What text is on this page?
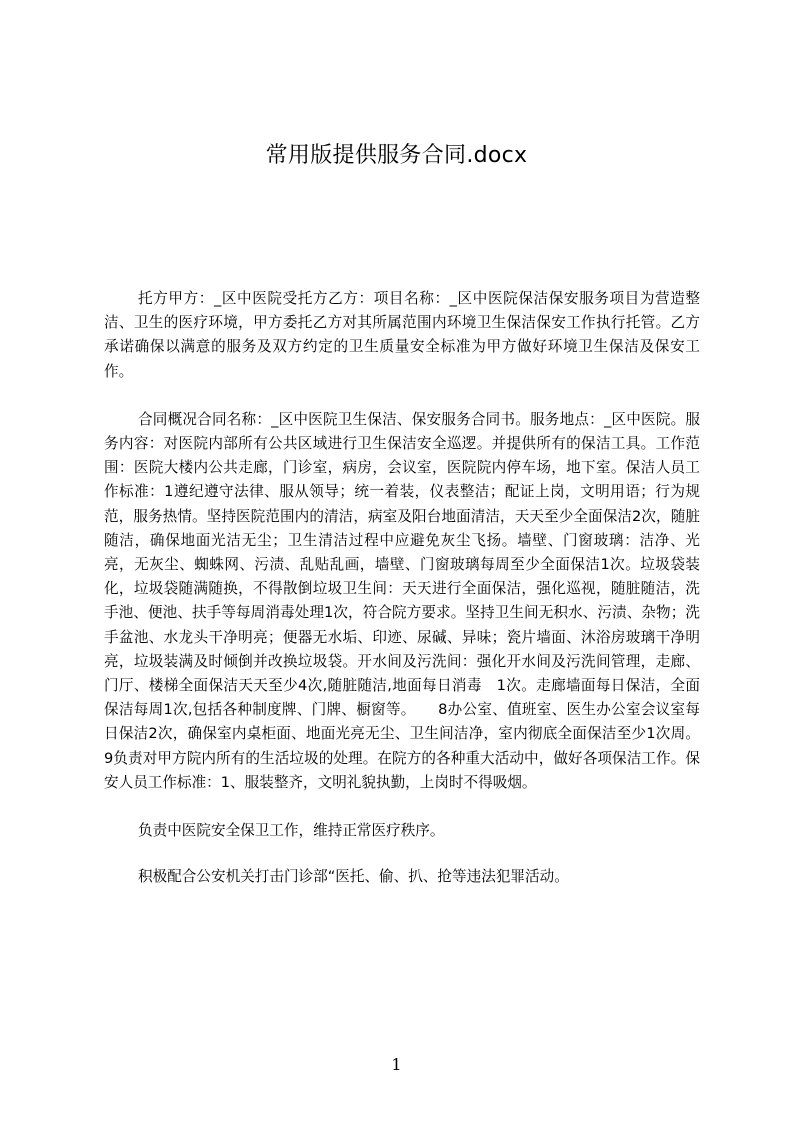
常用版提供服务合同.docx

托方甲方：_区中医院受托方乙方：项目名称：_区中医院保洁保安服务项目为营造整洁、卫生的医疗环境，甲方委托乙方对其所属范围内环境卫生保洁保安工作执行托管。乙方承诺确保以满意的服务及双方约定的卫生质量安全标准为甲方做好环境卫生保洁及保安工作。

合同概况合同名称：_区中医院卫生保洁、保安服务合同书。服务地点：_区中医院。服务内容：对医院内部所有公共区域进行卫生保洁安全巡逻。并提供所有的保洁工具。工作范围：医院大楼内公共走廊，门诊室，病房，会议室，医院院内停车场，地下室。保洁人员工作标准：1遵纪遵守法律、服从领导；统一着装，仪表整洁；配证上岗，文明用语；行为规范，服务热情。坚持医院范围内的清洁，病室及阳台地面清洁，天天至少全面保洁2次，随脏随洁，确保地面光洁无尘；卫生清洁过程中应避免灰尘飞扬。墙壁、门窗玻璃：洁净、光亮，无灰尘、蜘蛛网、污渍、乱贴乱画，墙壁、门窗玻璃每周至少全面保洁1次。垃圾袋装化，垃圾袋随满随换，不得散倒垃圾卫生间：天天进行全面保洁，强化巡视，随脏随洁，洗手池、便池、扶手等每周消毒处理1次，符合院方要求。坚持卫生间无积水、污渍、杂物；洗手盆池、水龙头干净明亮；便器无水垢、印迹、尿碱、异味；瓷片墙面、沐浴房玻璃干净明亮，垃圾装满及时倾倒并改换垃圾袋。开水间及污洗间：强化开水间及污洗间管理，走廊、门厅、楼梯全面保洁天天至少4次,随脏随洁,地面每日消毒　1次。走廊墙面每日保洁，全面保洁每周1次,包括各种制度牌、门牌、橱窗等。　　8办公室、值班室、医生办公室会议室每日保洁2次，确保室内桌柜面、地面光亮无尘、卫生间洁净，室内彻底全面保洁至少1次周。9负责对甲方院内所有的生活垃圾的处理。在院方的各种重大活动中，做好各项保洁工作。保安人员工作标准：1、服装整齐，文明礼貌执勤，上岗时不得吸烟。

负责中医院安全保卫工作，维持正常医疗秩序。

积极配合公安机关打击门诊部“医托、偷、扒、抢等违法犯罪活动。

1
